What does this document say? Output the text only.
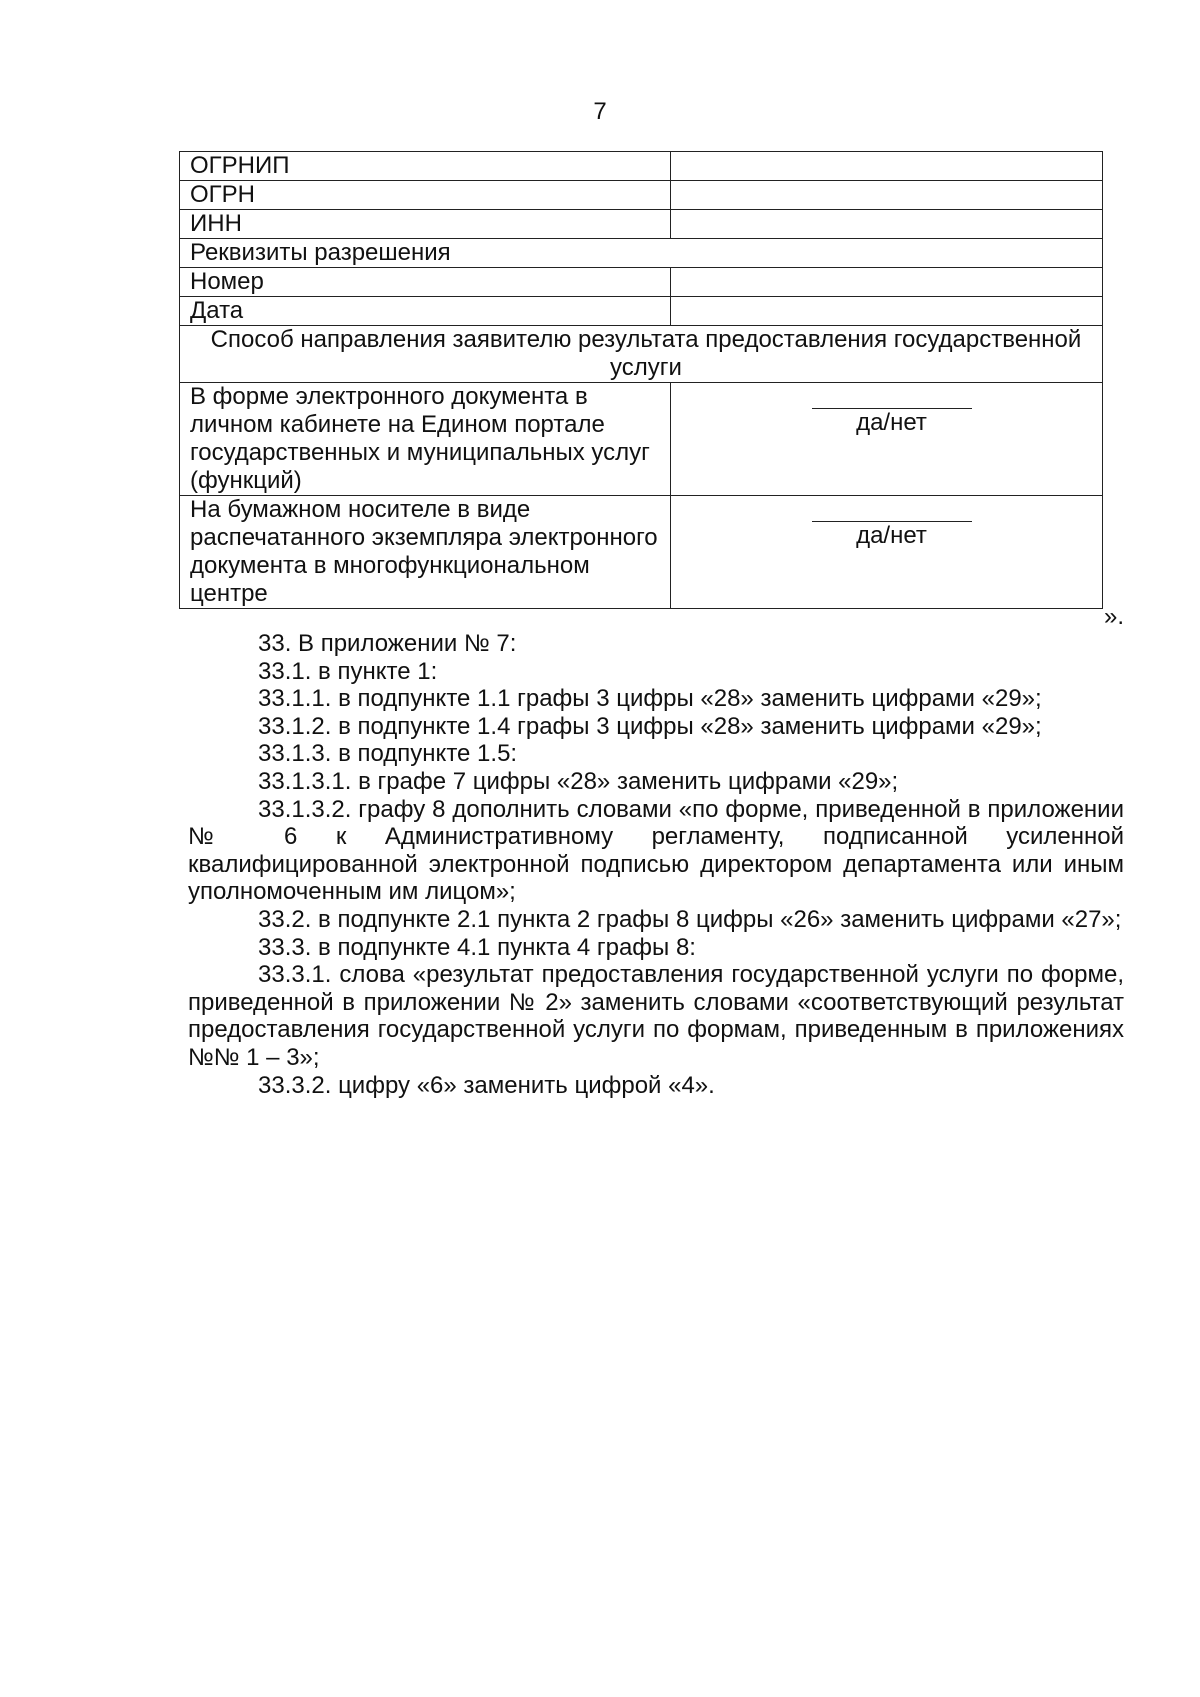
7
ОГРНИП	
ОГРН	
ИНН	
Реквизиты разрешения	
Номер	
Дата	
Способ направления заявителю результата предоставления государственной услуги	
В форме электронного документа в личном кабинете на Едином портале государственных и муниципальных услуг (функций)	да/нет

На бумажном носителе в виде распечатанного экземпляра электронного документа в многофункциональном центре	да/нет
».

33. В приложении № 7:

33.1. в пункте 1:

33.1.1. в подпункте 1.1 графы 3 цифры «28» заменить цифрами «29»;

33.1.2. в подпункте 1.4 графы 3 цифры «28» заменить цифрами «29»;

33.1.3. в подпункте 1.5:

33.1.3.1. в графе 7 цифры «28» заменить цифрами «29»;

33.1.3.2. графу 8 дополнить словами «по форме, приведенной в приложении № 6 к Административному регламенту, подписанной усиленной квалифицированной электронной подписью директором департамента или иным уполномоченным им лицом»;

33.2. в подпункте 2.1 пункта 2 графы 8 цифры «26» заменить цифрами «27»;

33.3. в подпункте 4.1 пункта 4 графы 8:

33.3.1. слова «результат предоставления государственной услуги по форме, приведенной в приложении № 2» заменить словами «соответствующий результат предоставления государственной услуги по формам, приведенным в приложениях №№ 1 – 3»;

33.3.2. цифру «6» заменить цифрой «4».
